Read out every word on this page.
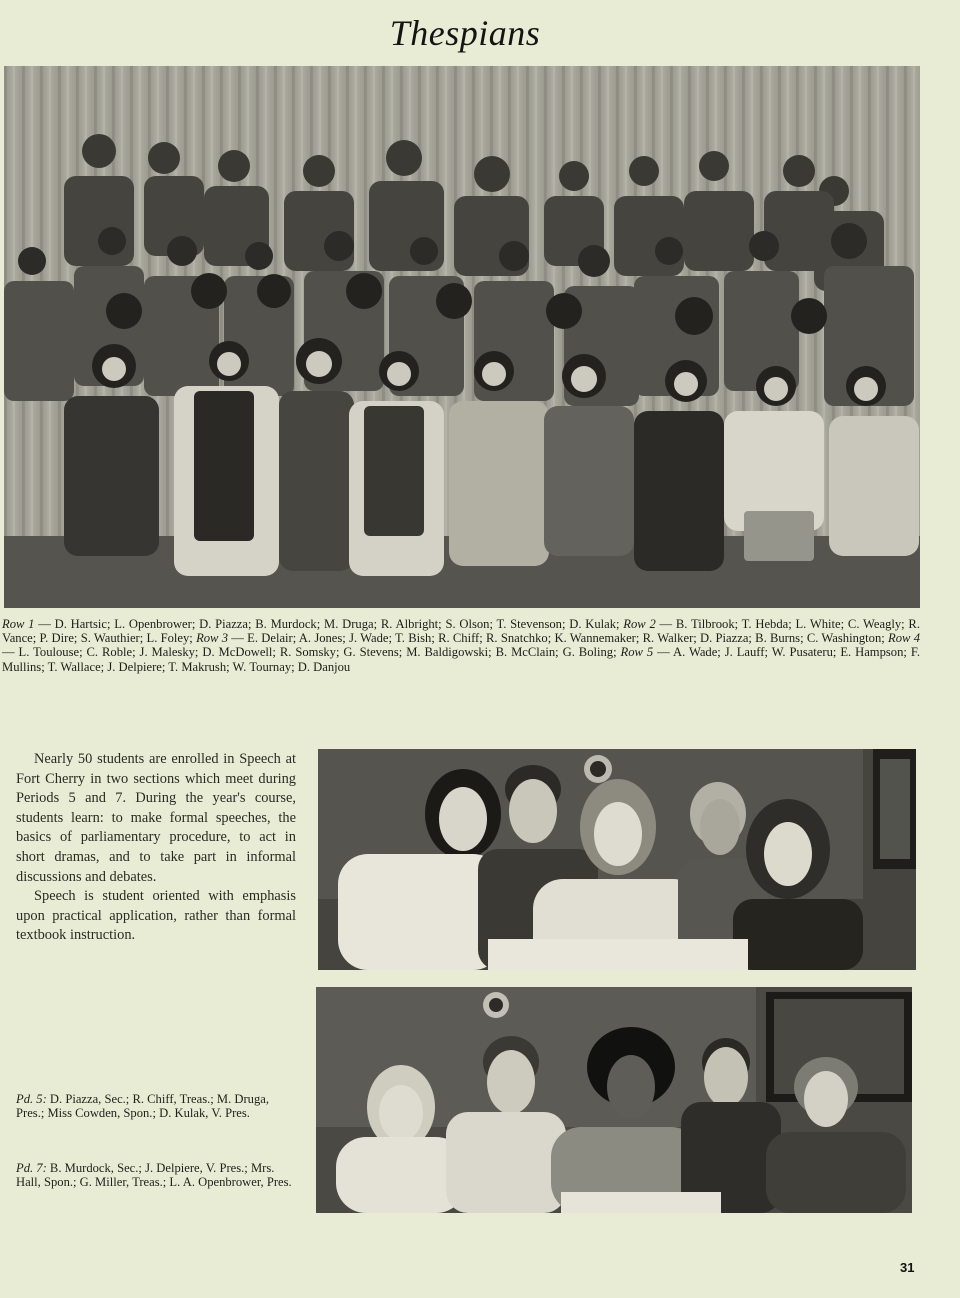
Thespians
Row 1 — D. Hartsic; L. Openbrower; D. Piazza; B. Murdock; M. Druga; R. Albright; S. Olson; T. Stevenson; D. Kulak; Row 2 — B. Tilbrook; T. Hebda; L. White; C. Weagly; R. Vance; P. Dire; S. Wauthier; L. Foley; Row 3 — E. Delair; A. Jones; J. Wade; T. Bish; R. Chiff; R. Snatchko; K. Wannemaker; R. Walker; D. Piazza; B. Burns; C. Washington; Row 4 — L. Toulouse; C. Roble; J. Malesky; D. McDowell; R. Somsky; G. Stevens; M. Baldigowski; B. McClain; G. Boling; Row 5 — A. Wade; J. Lauff; W. Pusateru; E. Hampson; F. Mullins; T. Wallace; J. Delpiere; T. Makrush; W. Tournay; D. Danjou

Nearly 50 students are enrolled in Speech at Fort Cherry in two sections which meet during Periods 5 and 7. During the year's course, students learn: to make formal speeches, the basics of parliamentary procedure, to act in short dramas, and to take part in informal discussions and debates.

Speech is student oriented with emphasis upon practical application, rather than formal textbook instruction.

Pd. 5: D. Piazza, Sec.; R. Chiff, Treas.; M. Druga, Pres.; Miss Cowden, Spon.; D. Kulak, V. Pres.
Pd. 7: B. Murdock, Sec.; J. Delpiere, V. Pres.; Mrs. Hall, Spon.; G. Miller, Treas.; L. A. Openbrower, Pres.
31
